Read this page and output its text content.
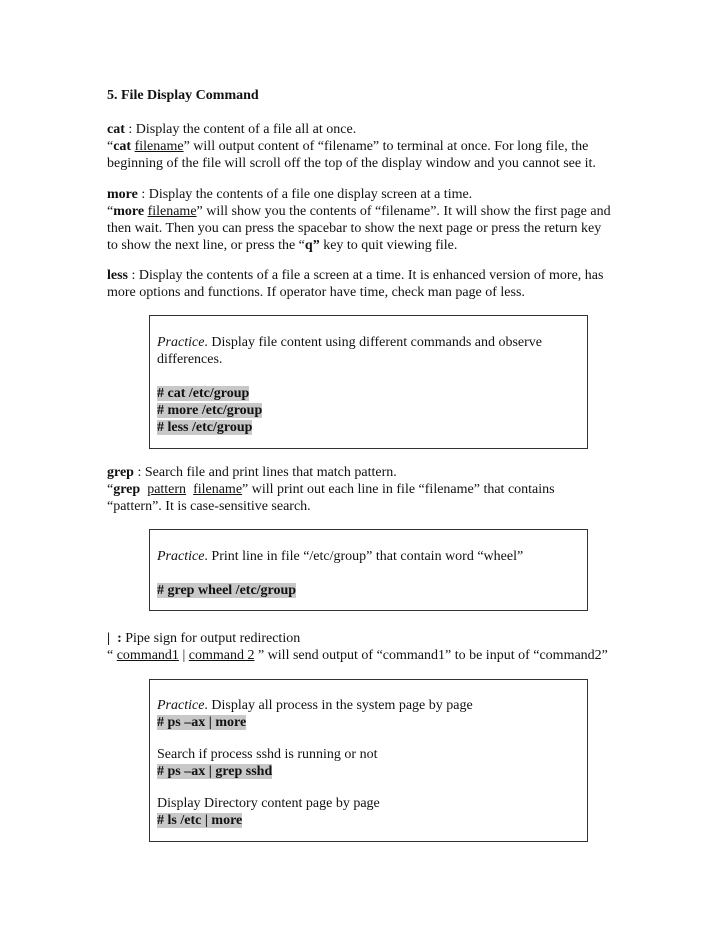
5. File Display Command
cat : Display the content of a file all at once.
“cat filename” will output content of “filename” to terminal at once. For long file, the
beginning of the file will scroll off the top of the display window and you cannot see it.
more : Display the contents of a file one display screen at a time.
“more filename” will show you the contents of “filename”. It will show the first page and
then wait. Then you can press the spacebar to show the next page or press the return key
to show the next line, or press the “q” key to quit viewing file.
less : Display the contents of a file a screen at a time. It is enhanced version of more, has
more options and functions. If operator have time, check man page of less.
Practice. Display file content using different commands and observe
differences.
# cat /etc/group
# more /etc/group
# less /etc/group
grep : Search file and print lines that match pattern.
“grep pattern filename” will print out each line in file “filename” that contains
“pattern”. It is case-sensitive search.
Practice. Print line in file “/etc/group” that contain word “wheel”
# grep wheel /etc/group
|  : Pipe sign for output redirection
“ command1 | command 2 ” will send output of “command1” to be input of “command2”
Practice. Display all process in the system page by page
# ps –ax | more
Search if process sshd is running or not
# ps –ax | grep sshd
Display Directory content page by page
# ls /etc | more
